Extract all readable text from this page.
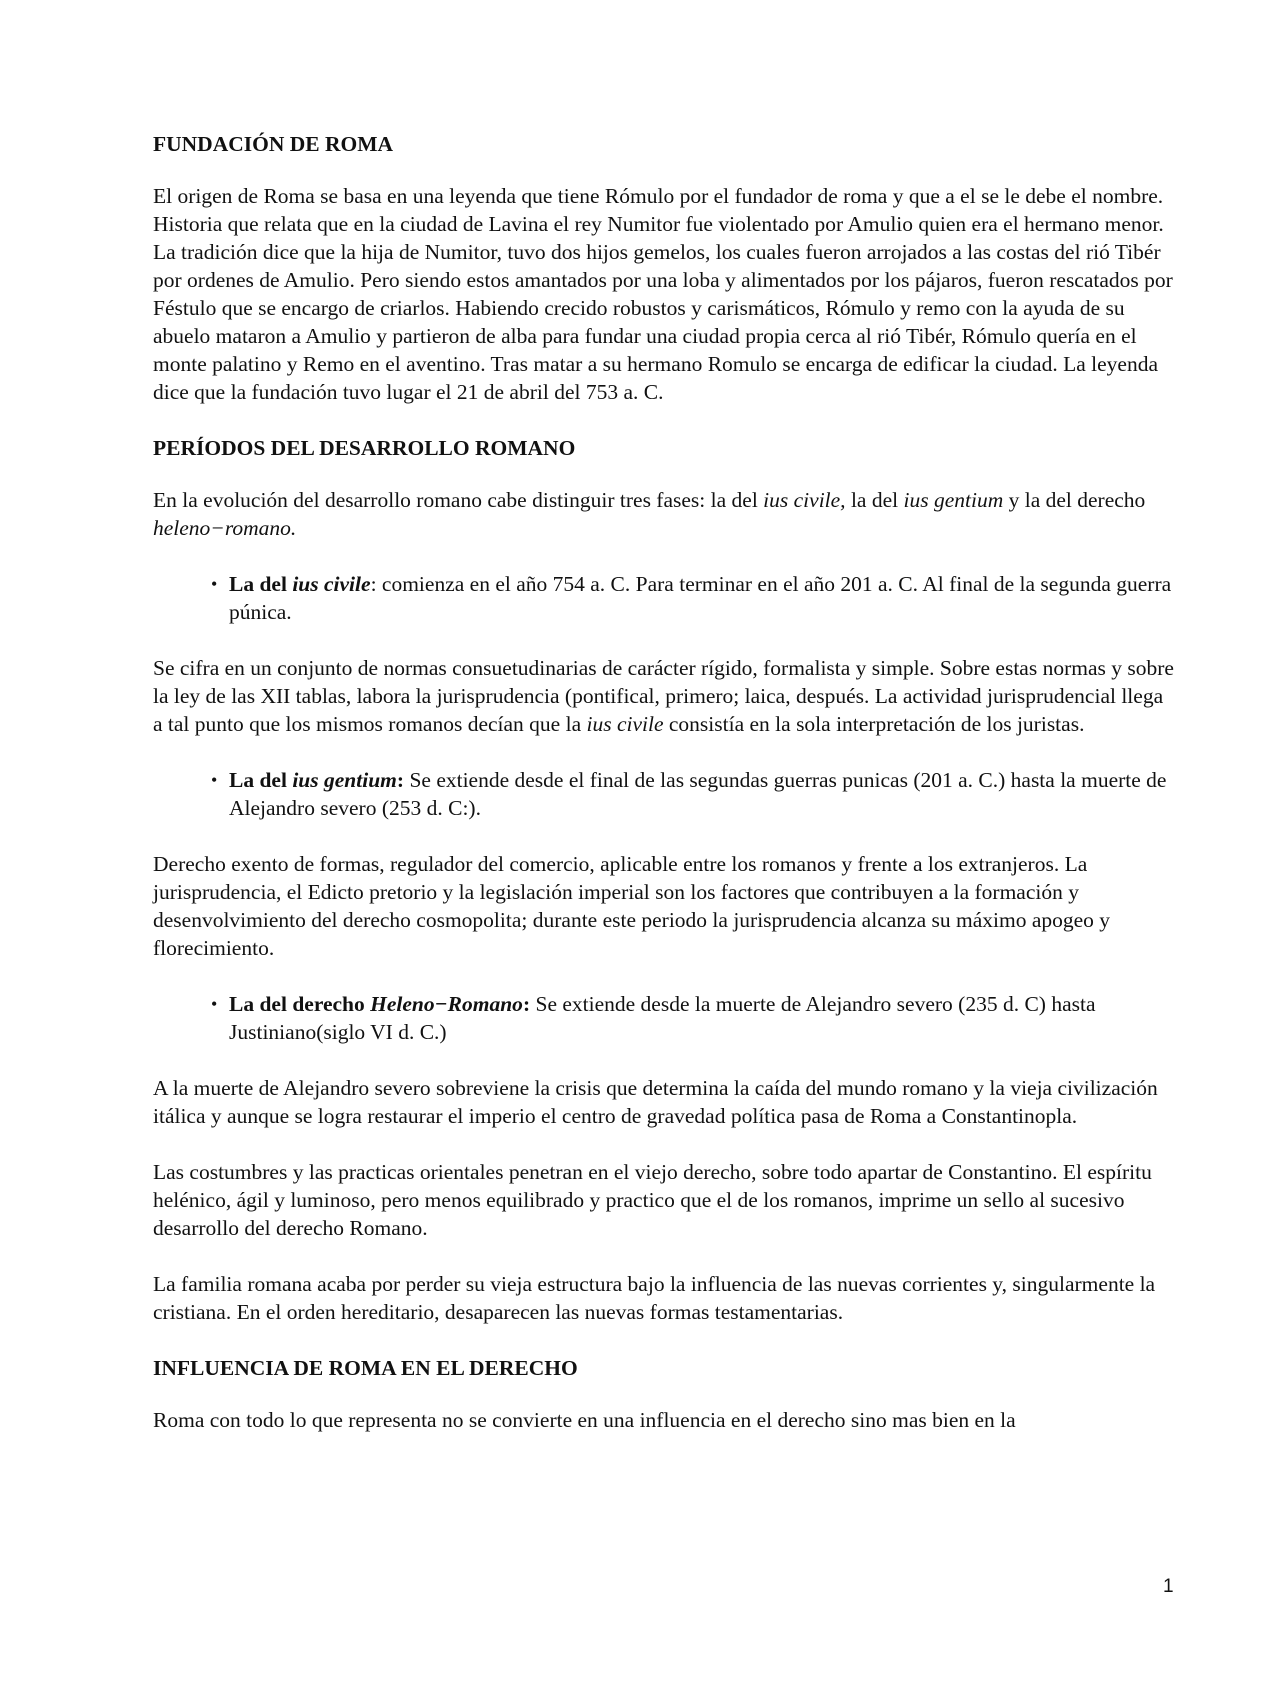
FUNDACIÓN DE ROMA

El origen de Roma se basa en una leyenda que tiene Rómulo por el fundador de roma y que a el se le debe el nombre. Historia que relata que en la ciudad de Lavina el rey Numitor fue violentado por Amulio quien era el hermano menor. La tradición dice que la hija de Numitor, tuvo dos hijos gemelos, los cuales fueron arrojados a las costas del rió Tibér por ordenes de Amulio. Pero siendo estos amantados por una loba y alimentados por los pájaros, fueron rescatados por Féstulo que se encargo de criarlos. Habiendo crecido robustos y carismáticos, Rómulo y remo con la ayuda de su abuelo mataron a Amulio y partieron de alba para fundar una ciudad propia cerca al rió Tibér, Rómulo quería en el monte palatino y Remo en el aventino. Tras matar a su hermano Romulo se encarga de edificar la ciudad. La leyenda dice que la fundación tuvo lugar el 21 de abril del 753 a. C.

PERÍODOS DEL DESARROLLO ROMANO

En la evolución del desarrollo romano cabe distinguir tres fases: la del ius civile, la del ius gentium y la del derecho heleno−romano.

• La del ius civile: comienza en el año 754 a. C. Para terminar en el año 201 a. C. Al final de la segunda guerra púnica.

Se cifra en un conjunto de normas consuetudinarias de carácter rígido, formalista y simple. Sobre estas normas y sobre la ley de las XII tablas, labora la jurisprudencia (pontifical, primero; laica, después. La actividad jurisprudencial llega a tal punto que los mismos romanos decían que la ius civile consistía en la sola interpretación de los juristas.

• La del ius gentium: Se extiende desde el final de las segundas guerras punicas (201 a. C.) hasta la muerte de Alejandro severo (253 d. C:).

Derecho exento de formas, regulador del comercio, aplicable entre los romanos y frente a los extranjeros. La jurisprudencia, el Edicto pretorio y la legislación imperial son los factores que contribuyen a la formación y desenvolvimiento del derecho cosmopolita; durante este periodo la jurisprudencia alcanza su máximo apogeo y florecimiento.

• La del derecho Heleno−Romano: Se extiende desde la muerte de Alejandro severo (235 d. C) hasta Justiniano(siglo VI d. C.)

A la muerte de Alejandro severo sobreviene la crisis que determina la caída del mundo romano y la vieja civilización itálica y aunque se logra restaurar el imperio el centro de gravedad política pasa de Roma a Constantinopla.

Las costumbres y las practicas orientales penetran en el viejo derecho, sobre todo apartar de Constantino. El espíritu helénico, ágil y luminoso, pero menos equilibrado y practico que el de los romanos, imprime un sello al sucesivo desarrollo del derecho Romano.

La familia romana acaba por perder su vieja estructura bajo la influencia de las nuevas corrientes y, singularmente la cristiana. En el orden hereditario, desaparecen las nuevas formas testamentarias.

INFLUENCIA DE ROMA EN EL DERECHO

Roma con todo lo que representa no se convierte en una influencia en el derecho sino mas bien en la

1
